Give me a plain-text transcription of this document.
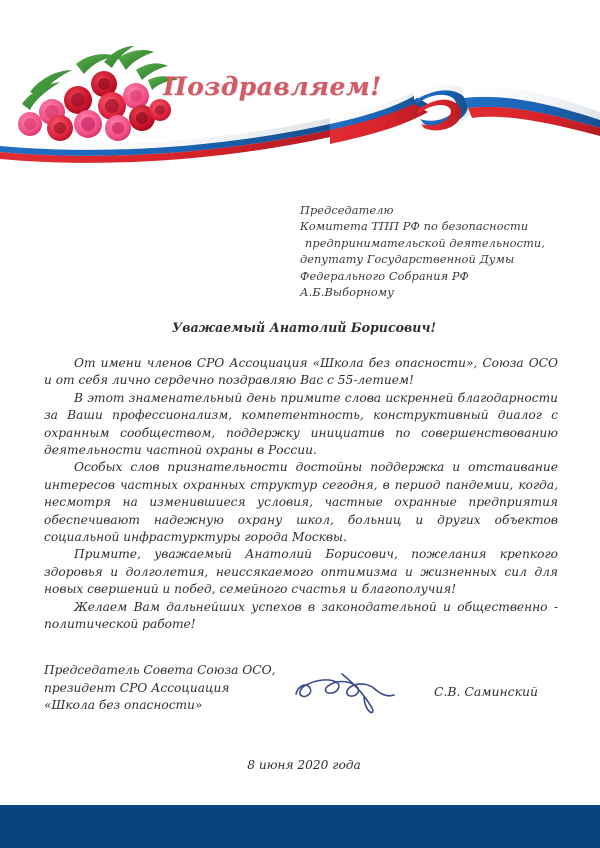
Поздравляем!
Председателю
Комитета ТПП РФ по безопасности
предпринимательской деятельности,
депутату Государственной Думы
Федерального Собрания РФ
А.Б.Выборному
Уважаемый Анатолий Борисович!

От имени членов СРО Ассоциация «Школа без опасности», Союза ОСО и от себя лично сердечно поздравляю Вас с 55-летием!

В этот знаменательный день примите слова искренней благодарности за Ваши профессионализм, компетентность, конструктивный диалог с охранным сообществом, поддержку инициатив по совершенствованию деятельности частной охраны в России.

Особых слов признательности достойны поддержка и отстаивание интересов частных охранных структур сегодня, в период пандемии, когда, несмотря на изменившиеся условия, частные охранные предприятия обеспечивают надежную охрану школ, больниц и других объектов социальной инфрастурктуры города Москвы.

Примите, уважаемый Анатолий Борисович, пожелания крепкого здоровья и долголетия, неиссякаемого оптимизма и жизненных сил для новых свершений и побед, семейного счастья и благополучия!

Желаем Вам дальнейших успехов в законодательной и общественно - политической работе!

Председатель Совета Союза ОСО,
президент СРО Ассоциация
«Школа без опасности»
С.В. Саминский
8 июня 2020 года
